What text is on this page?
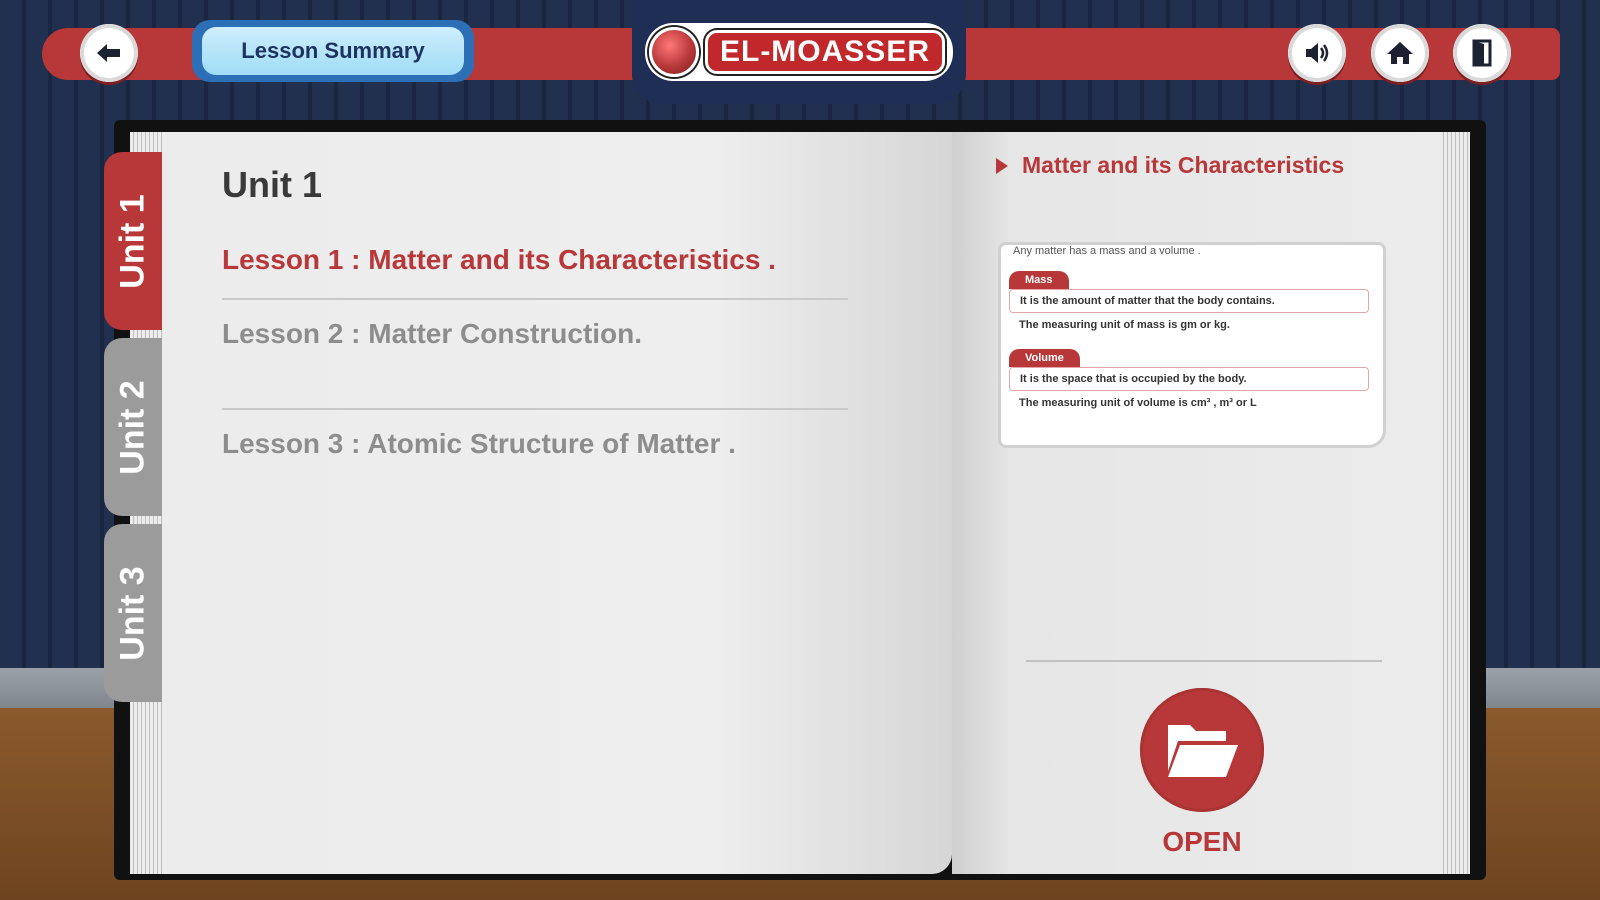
Lesson Summary	EL-MOASSER
Unit 1
Unit 2
Unit 3
Unit 1
Lesson 1 : Matter and its Characteristics .
Lesson 2 : Matter Construction.
Lesson 3 : Atomic Structure of Matter .
Matter and its Characteristics
Any matter has a mass and a volume .
Mass
It is the amount of matter that the body contains.
The measuring unit of mass is gm or kg.
Volume
It is the space that is occupied by the body.
The measuring unit of volume is cm³ , m³ or L
OPEN
